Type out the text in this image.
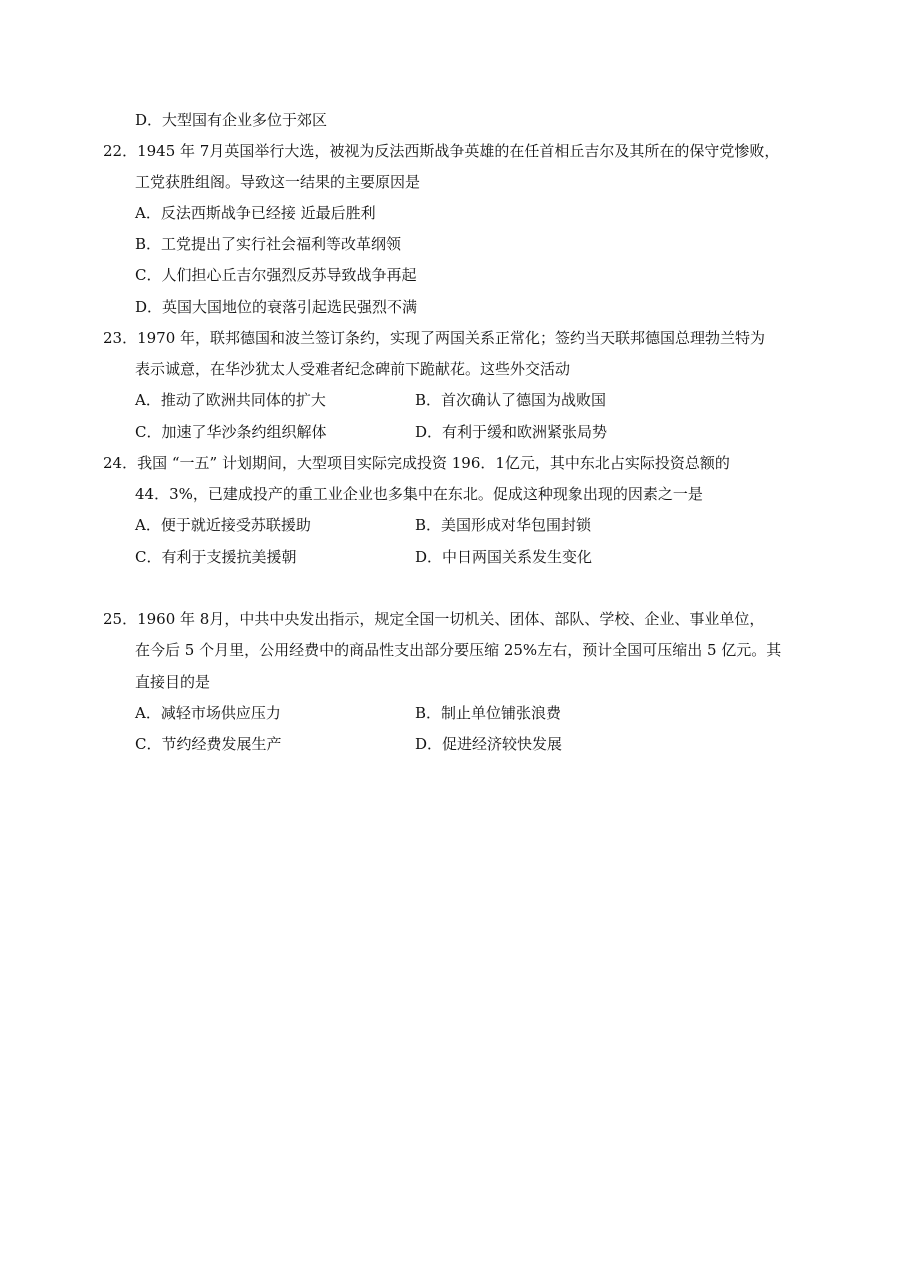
D．大型国有企业多位于郊区
22．1945 年 7月英国举行大选，被视为反法西斯战争英雄的在任首相丘吉尔及其所在的保守党惨败，
工党获胜组阁。导致这一结果的主要原因是
A．反法西斯战争已经接 近最后胜利
B．工党提出了实行社会福利等改革纲领
C．人们担心丘吉尔强烈反苏导致战争再起
D．英国大国地位的衰落引起选民强烈不满
23．1970 年，联邦德国和波兰签订条约，实现了两国关系正常化；签约当天联邦德国总理勃兰特为
表示诚意，在华沙犹太人受难者纪念碑前下跪献花。这些外交活动
A．推动了欧洲共同体的扩大	B．首次确认了德国为战败国
C．加速了华沙条约组织解体	D．有利于缓和欧洲紧张局势
24．我国 “一五” 计划期间，大型项目实际完成投资 196．1亿元，其中东北占实际投资总额的
44．3%，已建成投产的重工业企业也多集中在东北。促成这种现象出现的因素之一是
A．便于就近接受苏联援助	B．美国形成对华包围封锁
C．有利于支援抗美援朝	D．中日两国关系发生变化
25．1960 年 8月，中共中央发出指示，规定全国一切机关、团体、部队、学校、企业、事业单位，
在今后 5 个月里，公用经费中的商品性支出部分要压缩 25%左右，预计全国可压缩出 5 亿元。其
直接目的是
A．减轻市场供应压力	B．制止单位铺张浪费
C．节约经费发展生产	D．促进经济较快发展
